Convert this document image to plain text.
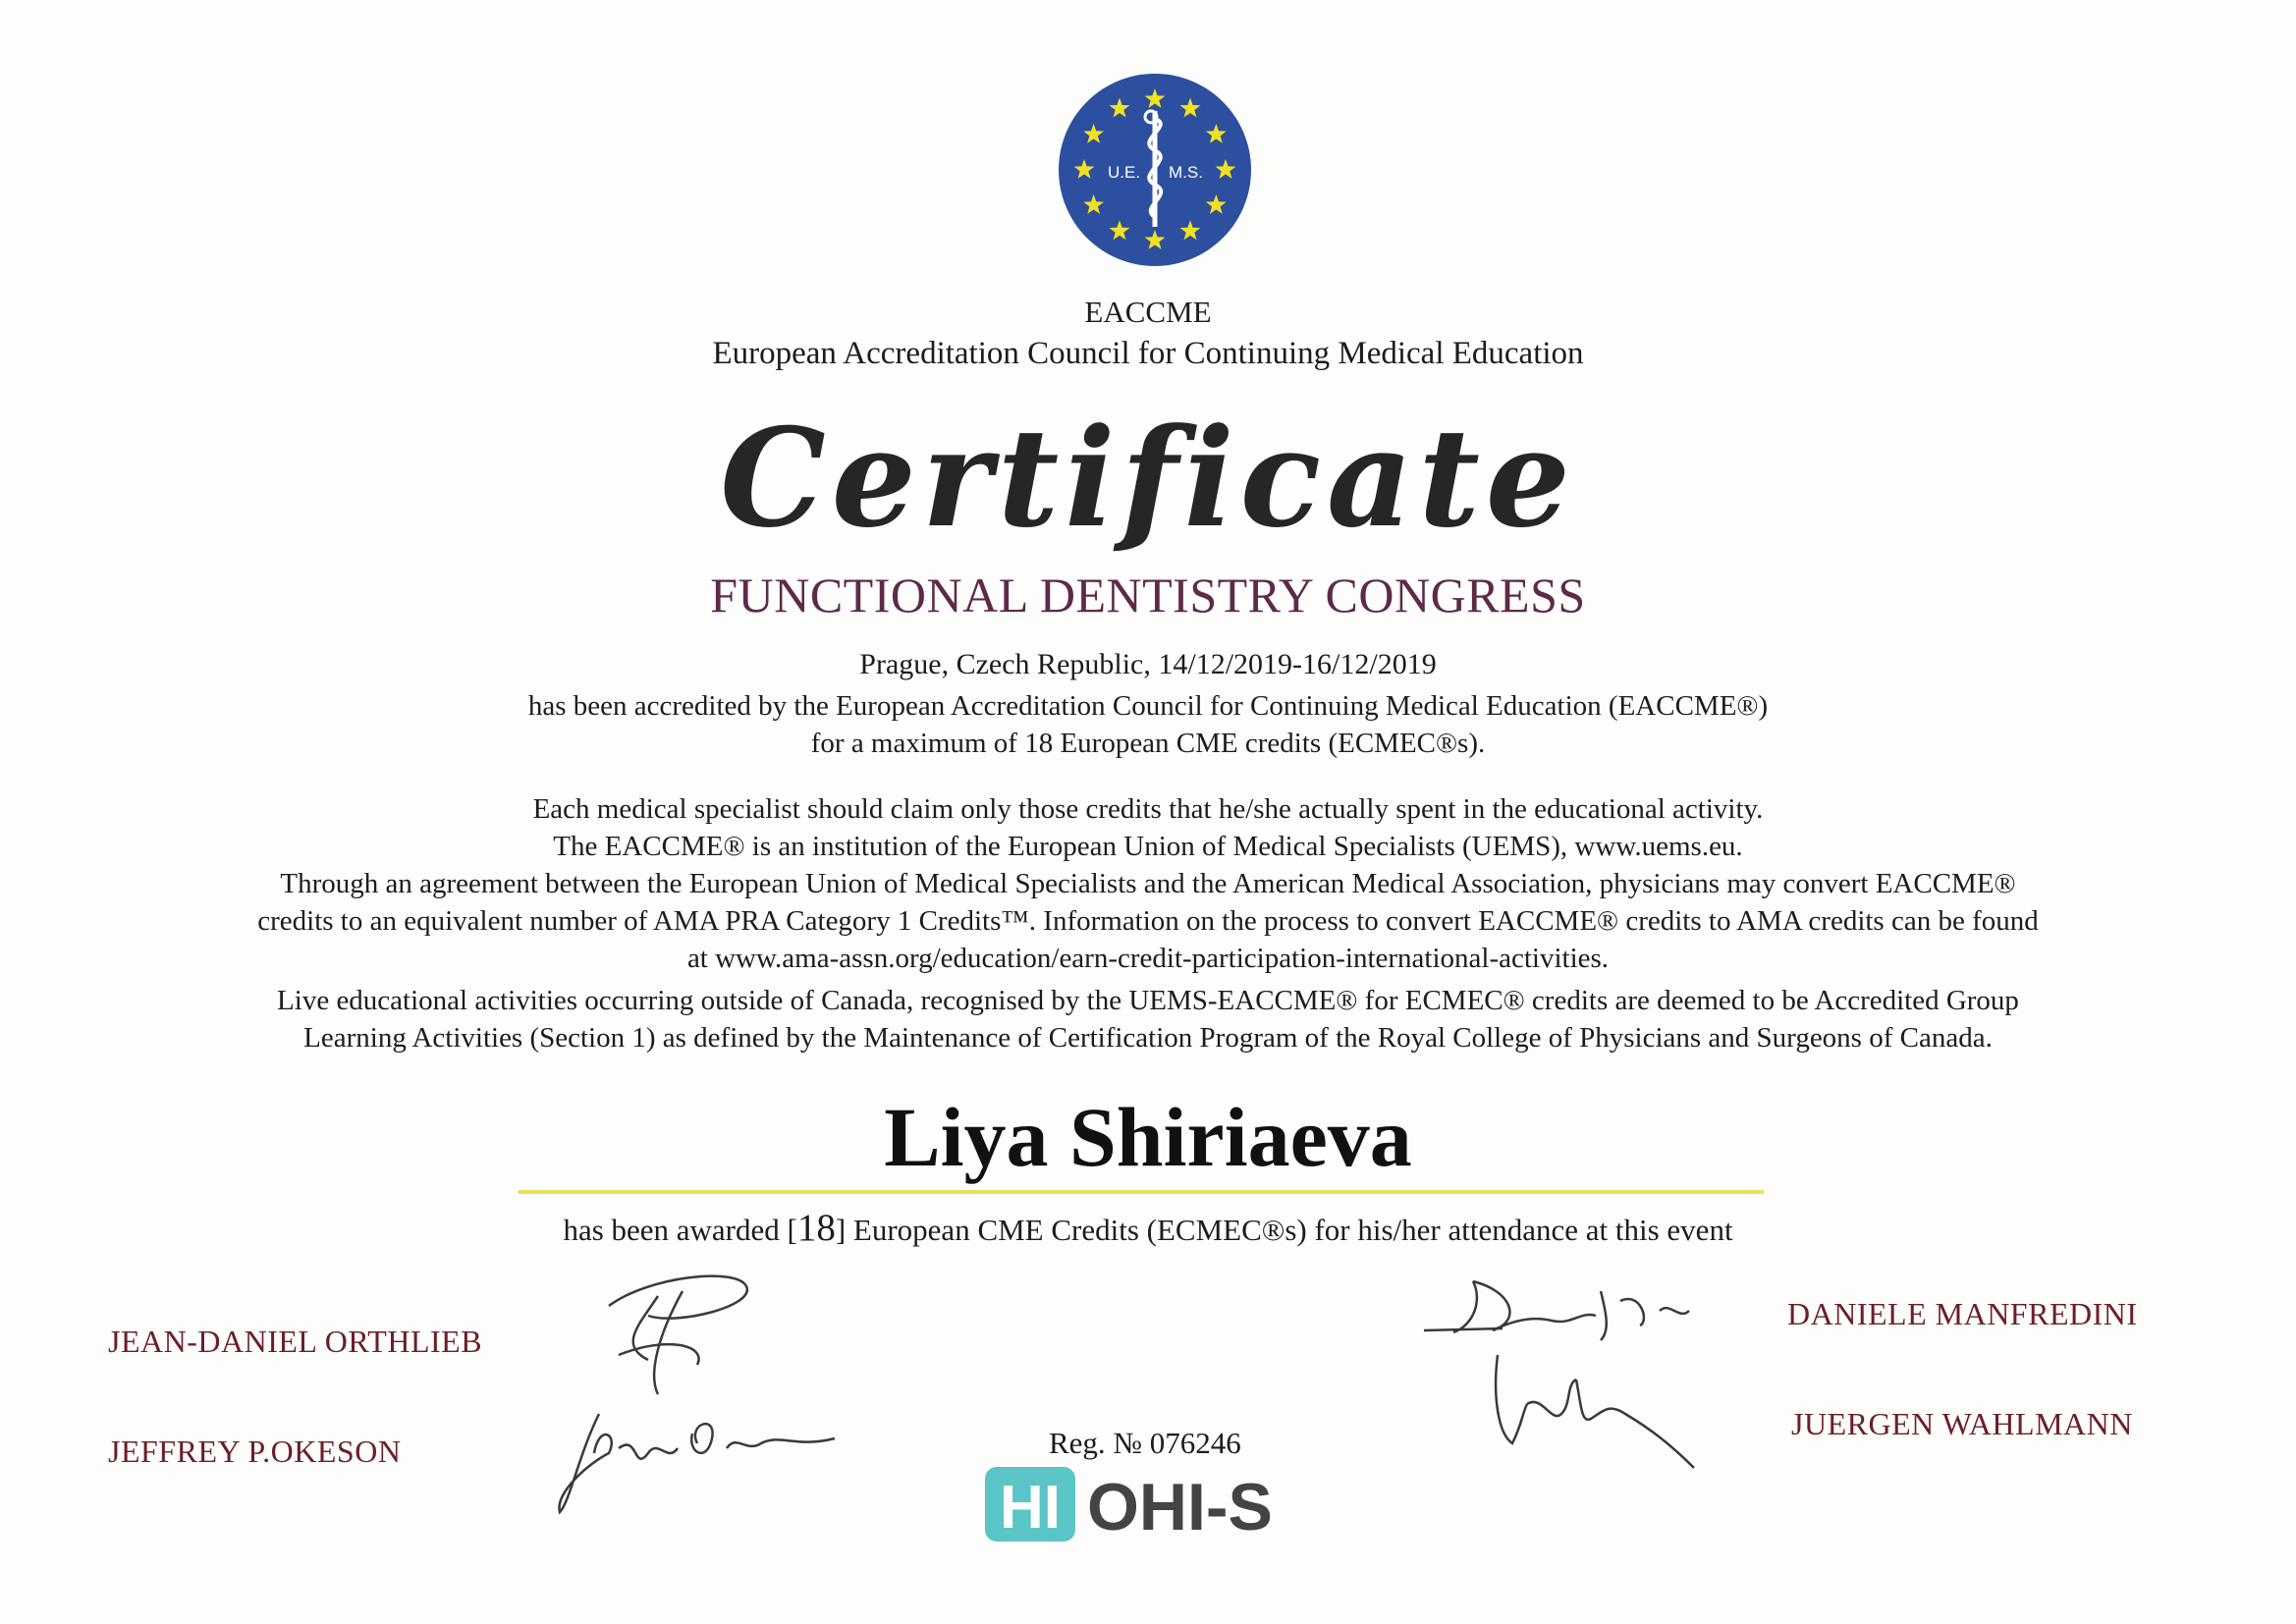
U.E. M.S.
EACCME
European Accreditation Council for Continuing Medical Education
Certificate
FUNCTIONAL DENTISTRY CONGRESS
Prague, Czech Republic, 14/12/2019-16/12/2019
has been accredited by the European Accreditation Council for Continuing Medical Education (EACCME®)
for a maximum of 18 European CME credits (ECMEC®s).
Each medical specialist should claim only those credits that he/she actually spent in the educational activity.
The EACCME® is an institution of the European Union of Medical Specialists (UEMS), www.uems.eu.
Through an agreement between the European Union of Medical Specialists and the American Medical Association, physicians may convert EACCME®
credits to an equivalent number of AMA PRA Category 1 Credits™. Information on the process to convert EACCME® credits to AMA credits can be found
at www.ama-assn.org/education/earn-credit-participation-international-activities.
Live educational activities occurring outside of Canada, recognised by the UEMS-EACCME® for ECMEC® credits are deemed to be Accredited Group
Learning Activities (Section 1) as defined by the Maintenance of Certification Program of the Royal College of Physicians and Surgeons of Canada.
Liya Shiriaeva
has been awarded [18] European CME Credits (ECMEC®s) for his/her attendance at this event
JEAN-DANIEL ORTHLIEB
JEFFREY P.OKESON
DANIELE MANFREDINI
JUERGEN WAHLMANN
Reg. № 076246
HI OHI-S
